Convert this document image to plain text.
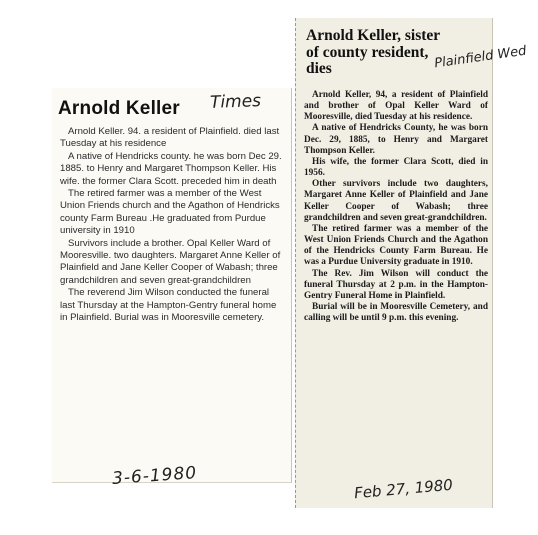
Arnold Keller Times

Arnold Keller. 94. a resident of Plainfield. died last Tuesday at his residence

A native of Hendricks county. he was born Dec 29. 1885. to Henry and Margaret Thompson Keller. His wife. the former Clara Scott. preceded him in death

The retired farmer was a member of the West Union Friends church and the Agathon of Hendricks county Farm Bureau .He graduated from Purdue university in 1910

Survivors include a brother. Opal Keller Ward of Mooresville. two daughters. Margaret Anne Keller of Plainfield and Jane Keller Cooper of Wabash; three grandchildren and seven great-grandchildren

The reverend Jim Wilson conducted the funeral last Thursday at the Hampton-Gentry funeral home in Plainfield. Burial was in Mooresville cemetery.

3-6-1980
Arnold Keller, sister of county resident, dies	Plainfield Wed

Arnold Keller, 94, a resident of Plainfield and brother of Opal Keller Ward of Mooresville, died Tuesday at his residence.

A native of Hendricks County, he was born Dec. 29, 1885, to Henry and Margaret Thompson Keller.

His wife, the former Clara Scott, died in 1956.

Other survivors include two daughters, Margaret Anne Keller of Plainfield and Jane Keller Cooper of Wabash; three grandchildren and seven great-grandchildren.

The retired farmer was a member of the West Union Friends Church and the Agathon of the Hendricks County Farm Bureau. He was a Purdue University graduate in 1910.

The Rev. Jim Wilson will conduct the funeral Thursday at 2 p.m. in the Hampton-Gentry Funeral Home in Plainfield.

Burial will be in Mooresville Cemetery, and calling will be until 9 p.m. this evening.

Feb 27, 1980
